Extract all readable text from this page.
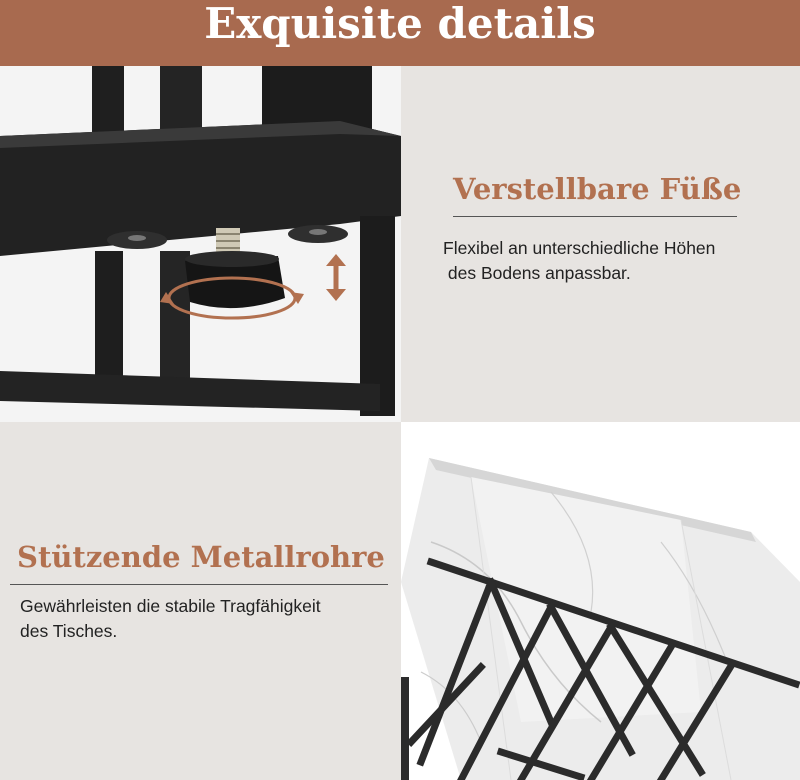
Exquisite details
Verstellbare Füße
Flexibel an unterschiedliche Höhen
des Bodens anpassbar.
Stützende Metallrohre
Gewährleisten die stabile Tragfähigkeit
des Tisches.
